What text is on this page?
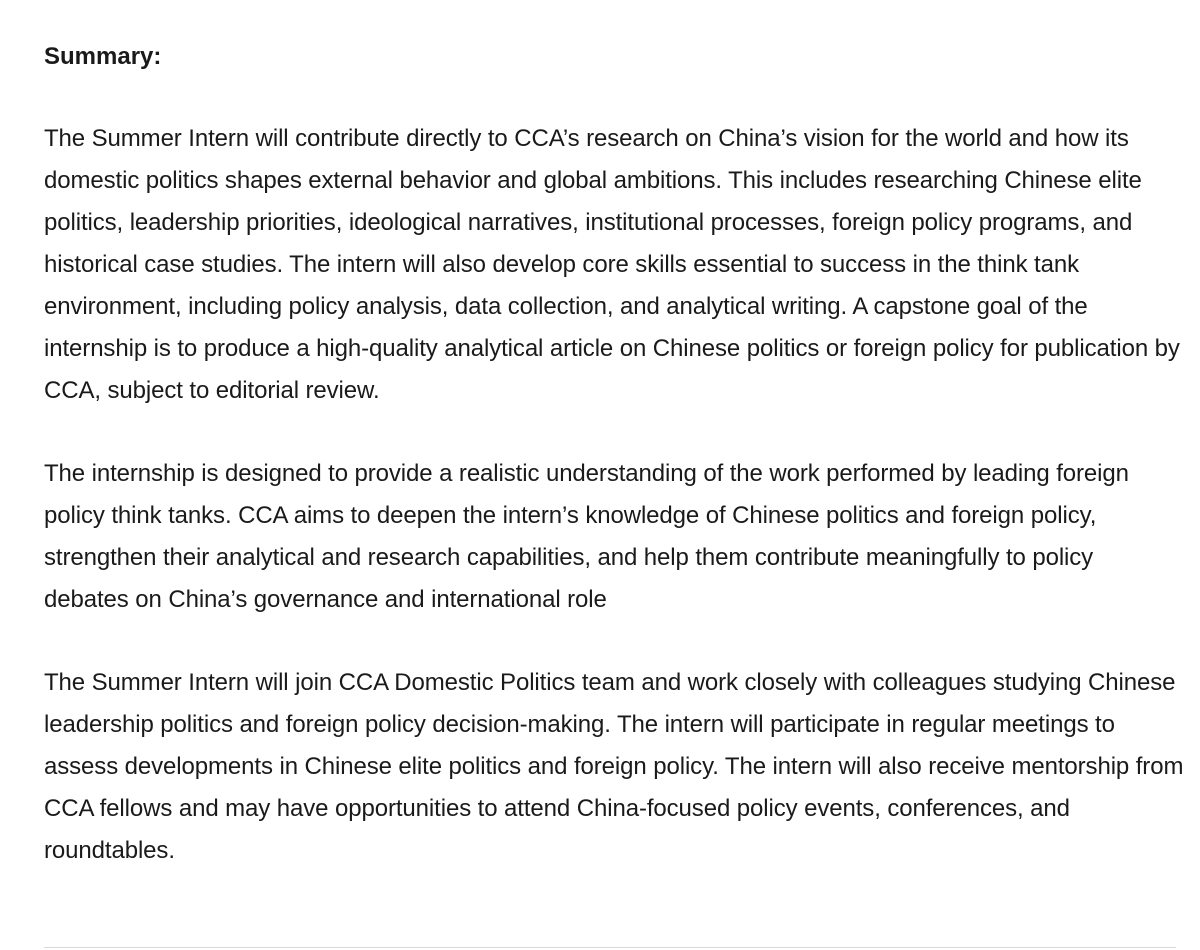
Summary:

The Summer Intern will contribute directly to CCA’s research on China’s vision for the world and how its domestic politics shapes external behavior and global ambitions. This includes researching Chinese elite politics, leadership priorities, ideological narratives, institutional processes, foreign policy programs, and historical case studies. The intern will also develop core skills essential to success in the think tank environment, including policy analysis, data collection, and analytical writing. A capstone goal of the internship is to produce a high-quality analytical article on Chinese politics or foreign policy for publication by CCA, subject to editorial review.

The internship is designed to provide a realistic understanding of the work performed by leading foreign policy think tanks. CCA aims to deepen the intern’s knowledge of Chinese politics and foreign policy, strengthen their analytical and research capabilities, and help them contribute meaningfully to policy debates on China’s governance and international role

The Summer Intern will join CCA Domestic Politics team and work closely with colleagues studying Chinese leadership politics and foreign policy decision-making. The intern will participate in regular meetings to assess developments in Chinese elite politics and foreign policy. The intern will also receive mentorship from CCA fellows and may have opportunities to attend China-focused policy events, conferences, and roundtables.
